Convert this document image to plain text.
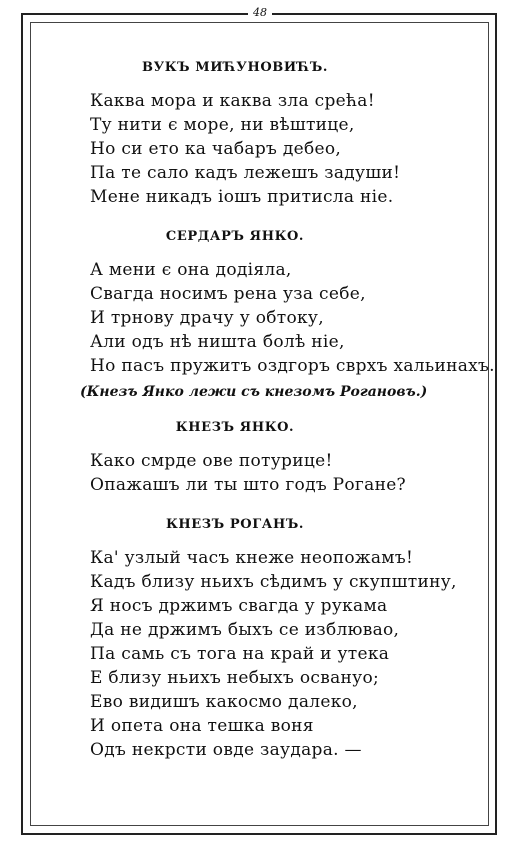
48
ВУКЪ МИЋУНОВИЋЪ.
Каква мора и каква зла срећа!
Ту нити є море, ни вѣштице,
Но си ето ка чабаръ дебео,
Па те сало кадъ лежешъ задуши!
Мене никадъ іошъ притисла ніе.
СЕРДАРЪ ЯНКО.
А мени є она додіяла,
Свагда носимъ рена уза себе,
И трнову драчу у обтоку,
Али одъ нѣ ништа болѣ ніе,
Но пасъ пружитъ оздгоръ сврхъ хальинахъ.
(Кнезъ Янко лежи съ кнезомъ Рогановъ.)
КНЕЗЪ ЯНКО.
Како смрде ове потурице!
Опажашъ ли ты што годъ Рогане?
КНЕЗЪ РОГАНЪ.
Ка' узлый часъ кнеже неопожамъ!
Кадъ близу ньихъ сѣдимъ у скупштину,
Я носъ држимъ свагда у рукама
Да не држимъ быхъ се изблювао,
Па самь съ тога на край и утека
Е близу ньихъ небыхъ освануо;
Ево видишъ какосмо далеко,
И опета она тешка воня
Одъ некрсти овде заудара. —
